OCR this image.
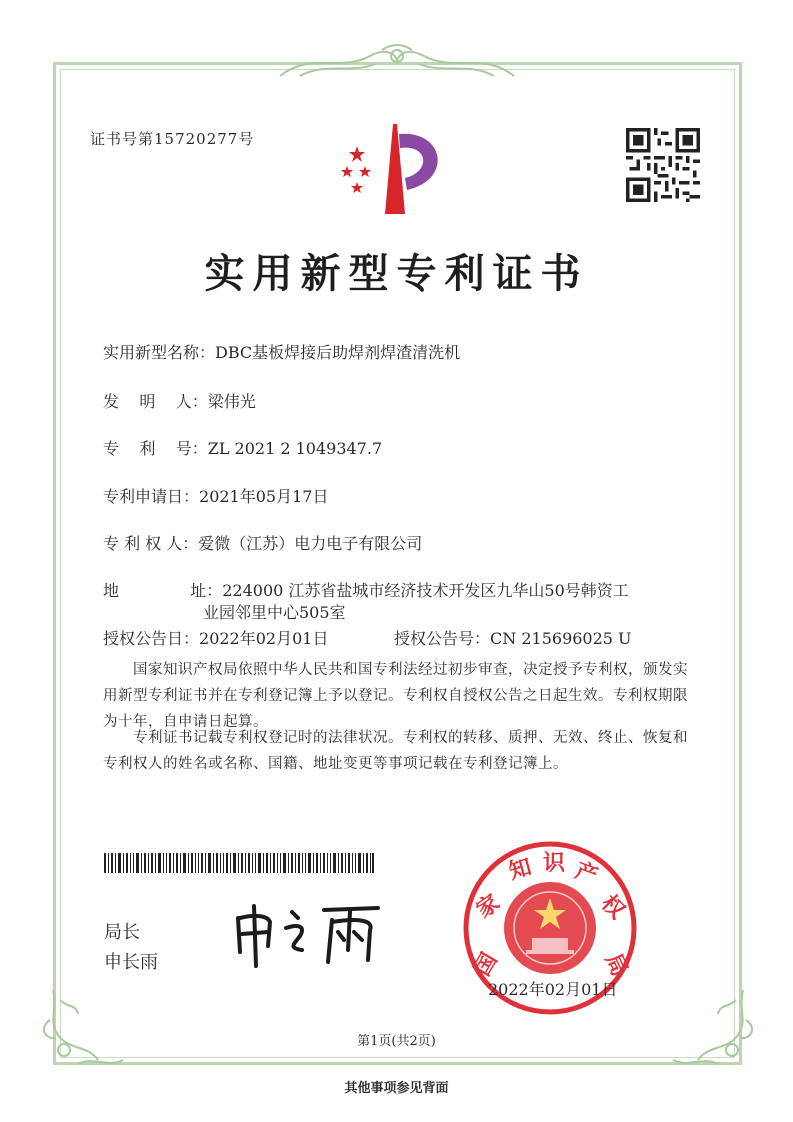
证书号第15720277号
实用新型专利证书
实用新型名称：DBC基板焊接后助焊剂焊渣清洗机
发    明    人：梁伟光
专    利    号：ZL 2021 2 1049347.7
专利申请日：2021年05月17日
专 利 权 人：爱微（江苏）电力电子有限公司
地              址：224000 江苏省盐城市经济技术开发区九华山50号韩资工
业园邻里中心505室
授权公告日：2022年02月01日	授权公告号：CN 215696025 U
国家知识产权局依照中华人民共和国专利法经过初步审查，决定授予专利权，颁发实用新型专利证书并在专利登记簿上予以登记。专利权自授权公告之日起生效。专利权期限为十年，自申请日起算。
专利证书记载专利权登记时的法律状况。专利权的转移、质押、无效、终止、恢复和专利权人的姓名或名称、国籍、地址变更等事项记载在专利登记簿上。
局长
申长雨	国
家
知 识 产
权
局
2022年02月01日
第1页(共2页)
其他事项参见背面
